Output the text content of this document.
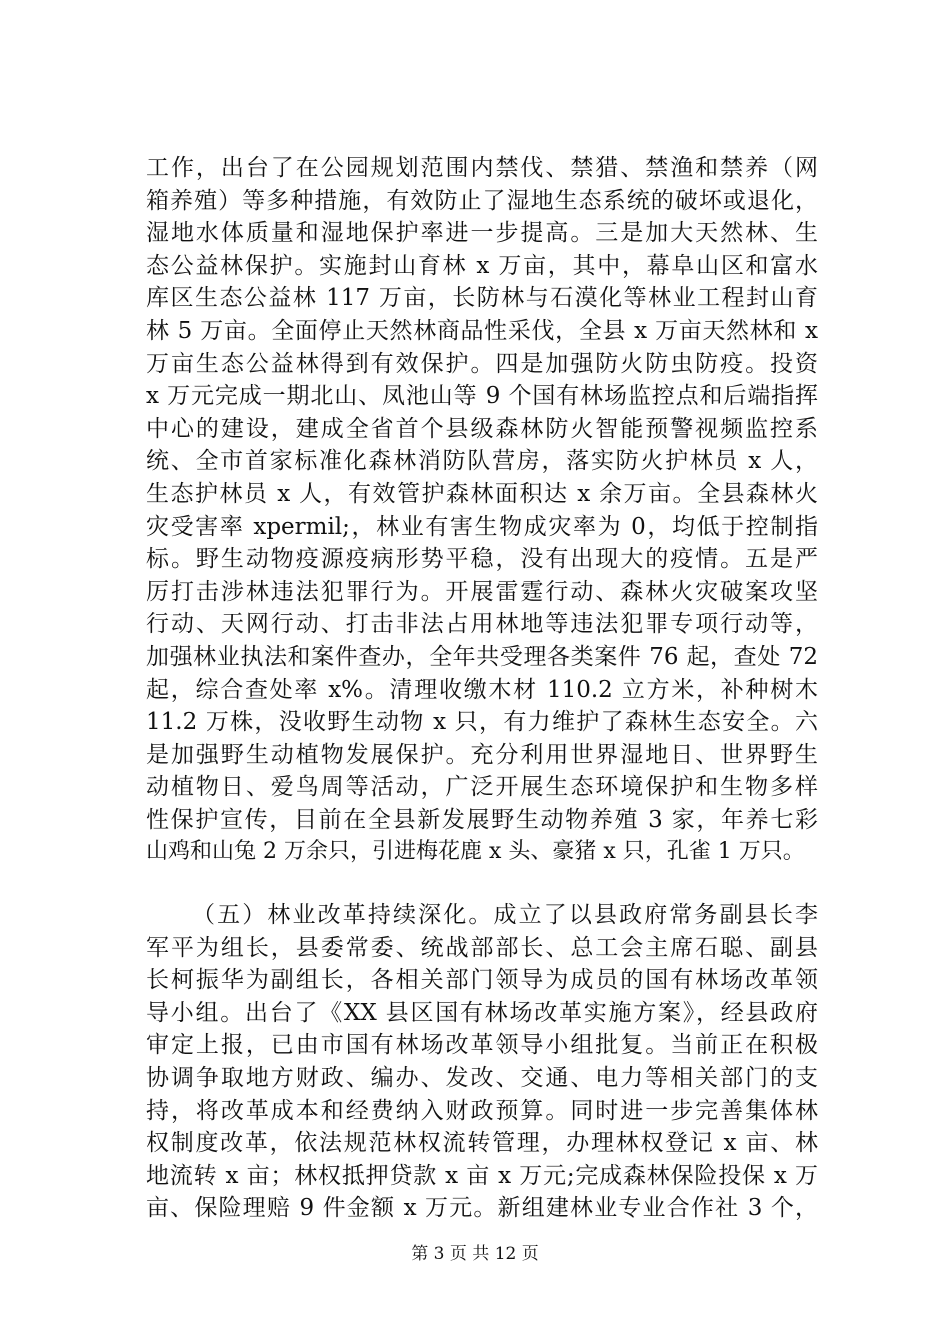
工作，出台了在公园规划范围内禁伐、禁猎、禁渔和禁养（网
箱养殖）等多种措施，有效防止了湿地生态系统的破坏或退化，
湿地水体质量和湿地保护率进一步提高。三是加大天然林、生
态公益林保护。实施封山育林 x 万亩，其中，幕阜山区和富水
库区生态公益林 117 万亩，长防林与石漠化等林业工程封山育
林 5 万亩。全面停止天然林商品性采伐，全县 x 万亩天然林和 x
万亩生态公益林得到有效保护。四是加强防火防虫防疫。投资
x 万元完成一期北山、凤池山等 9 个国有林场监控点和后端指挥
中心的建设，建成全省首个县级森林防火智能预警视频监控系
统、全市首家标准化森林消防队营房，落实防火护林员 x 人，
生态护林员 x 人，有效管护森林面积达 x 余万亩。全县森林火
灾受害率 xpermil;，林业有害生物成灾率为 0，均低于控制指
标。野生动物疫源疫病形势平稳，没有出现大的疫情。五是严
厉打击涉林违法犯罪行为。开展雷霆行动、森林火灾破案攻坚
行动、天网行动、打击非法占用林地等违法犯罪专项行动等，
加强林业执法和案件查办，全年共受理各类案件 76 起，查处 72
起，综合查处率 x%。清理收缴木材 110.2 立方米，补种树木
11.2 万株，没收野生动物 x 只，有力维护了森林生态安全。六
是加强野生动植物发展保护。充分利用世界湿地日、世界野生
动植物日、爱鸟周等活动，广泛开展生态环境保护和生物多样
性保护宣传，目前在全县新发展野生动物养殖 3 家，年养七彩
山鸡和山兔 2 万余只，引进梅花鹿 x 头、豪猪 x 只，孔雀 1 万只。
（五）林业改革持续深化。成立了以县政府常务副县长李
军平为组长，县委常委、统战部部长、总工会主席石聪、副县
长柯振华为副组长，各相关部门领导为成员的国有林场改革领
导小组。出台了《XX 县区国有林场改革实施方案》，经县政府
审定上报，已由市国有林场改革领导小组批复。当前正在积极
协调争取地方财政、编办、发改、交通、电力等相关部门的支
持，将改革成本和经费纳入财政预算。同时进一步完善集体林
权制度改革，依法规范林权流转管理，办理林权登记 x 亩、林
地流转 x 亩；林权抵押贷款 x 亩 x 万元;完成森林保险投保 x 万
亩、保险理赔 9 件金额 x 万元。新组建林业专业合作社 3 个，
第 3 页 共 12 页
